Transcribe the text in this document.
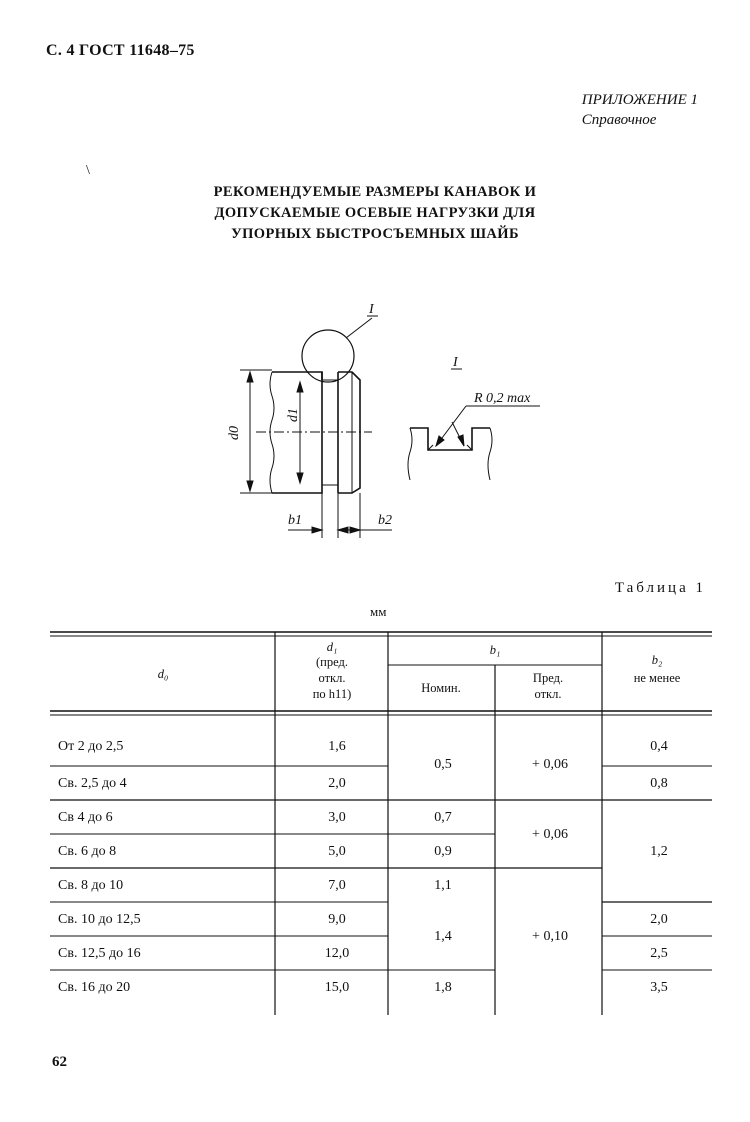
С. 4 ГОСТ 11648–75
ПРИЛОЖЕНИЕ 1
Справочное
\
РЕКОМЕНДУЕМЫЕ РАЗМЕРЫ КАНАВОК И
ДОПУСКАЕМЫЕ ОСЕВЫЕ НАГРУЗКИ ДЛЯ
УПОРНЫХ БЫСТРОСЪЕМНЫХ ШАЙБ
d0
d1
b1	b2
I
I
R 0,2 max
Таблица 1
мм
d₀
d₁
(пред.
откл.
по h11)
b₁
Номин.
Пред.
откл.
b₂
не менее
От 2 до 2,5
Св. 2,5 до 4
Св 4 до 6
Св. 6 до 8
Св. 8 до 10
Св. 10 до 12,5
Св. 12,5 до 16
Св. 16 до 20
1,6
2,0
3,0
5,0
7,0
9,0
12,0
15,0
0,5
0,7
0,9
1,1
1,4
1,8
+ 0,06
+ 0,06
+ 0,10
0,4
0,8
1,2
2,0
2,5
3,5
62
